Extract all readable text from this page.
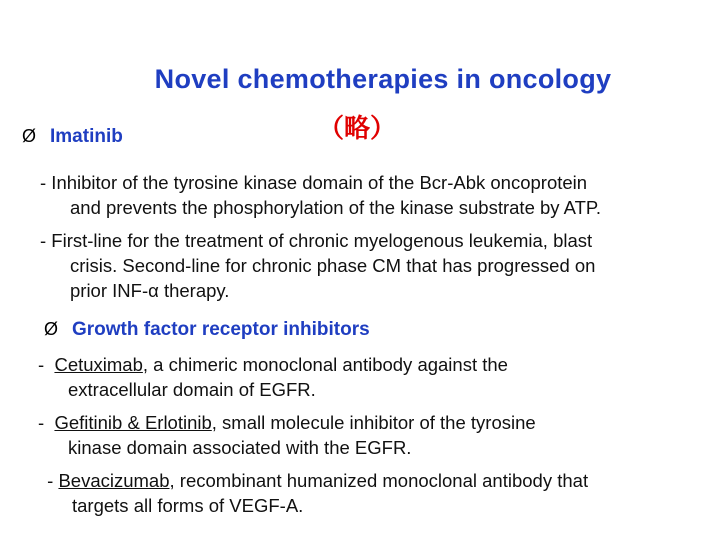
Novel chemotherapies in oncology
（略）
Ø Imatinib
- Inhibitor of the tyrosine kinase domain of the Bcr-Abk oncoprotein
and prevents the phosphorylation of the kinase substrate by ATP.
- First-line for the treatment of chronic myelogenous leukemia, blast
crisis. Second-line for chronic phase CM that has progressed on
prior INF-α therapy.
Ø Growth factor receptor inhibitors
-  Cetuximab, a chimeric monoclonal antibody against the
extracellular domain of EGFR.
-  Gefitinib & Erlotinib, small molecule inhibitor of the tyrosine
kinase domain associated with the EGFR.
- Bevacizumab, recombinant humanized monoclonal antibody that
targets all forms of VEGF-A.
